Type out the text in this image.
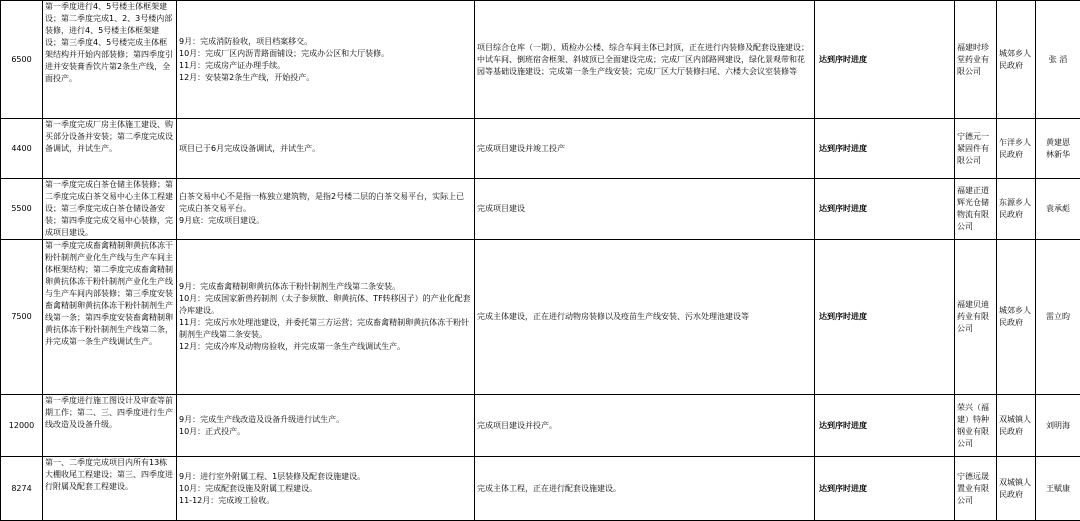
6500	第一季度进行4、5号楼主体框架建设；第二季度完成1、2、3号楼内部装修，进行4、5号楼主体框架建设；第三季度4、5号楼完成主体框架结构并开始内部装修；第四季度引进并安装膏香饮片第2条生产线，全面投产。	9月：完成消防验收，项目档案移交。
10月：完成厂区内沥青路面铺设；完成办公区和大厅装修。
11月：完成房产证办理手续。
12月：安装第2条生产线，开始投产。	项目综合仓库（一期）、质检办公楼、综合车间主体已封顶，正在进行内装修及配套设施建设；中试车间、倒班宿舍框架、斜坡顶已全面建设完成；完成厂区内部路网建设，绿化景观带和花园等基础设施建设；完成第一条生产线安装；完成厂区大厅装修扫尾、六楼大会议室装修等	达到序时进度	福建时珍堂药业有限公司	城郊乡人民政府	张 滔
4400	第一季度完成厂房主体施工建设、购买部分设备并安装；第二季度完成设备调试，并试生产。	项目已于6月完成设备调试，并试生产。	完成项目建设并竣工投产	达到序时进度	宁德元一紧固件有限公司	乍洋乡人民政府	黄建恩
林新华
5500	第一季度完成白茶仓储主体装修；第二季度完成白茶交易中心主体工程建设；第三季度完成白茶仓储设备安装；第四季度完成交易中心装修，完成项目建设。	白茶交易中心不是指一栋独立建筑物，是指2号楼二层的白茶交易平台，实际上已完成白茶交易平台。
9月底：完成项目建设。	完成项目建设	达到序时进度	福建正道辉光仓储物流有限公司	东源乡人民政府	袁承彪
7500	第一季度完成畜禽精制卵黄抗体冻干粉针制剂产业化生产线与生产车间主体框架结构；第二季度完成畜禽精制卵黄抗体冻干粉针制剂产业化生产线与生产车间内部装修；第三季度安装畜禽精制卵黄抗体冻干粉针制剂生产线第一条；第四季度安装畜禽精制卵黄抗体冻干粉针制剂生产线第二条，并完成第一条生产线调试生产。	9月：完成畜禽精制卵黄抗体冻干粉针制剂生产线第二条安装。
10月：完成国家新兽药制剂（太子参须散、卵黄抗体、TF转移因子）的产业化配套冷库建设。
11月：完成污水处理池建设，并委托第三方运营；完成畜禽精制卵黄抗体冻干粉针制剂生产线第二条安装。
12月：完成冷库及动物房验收，并完成第一条生产线调试生产。	完成主体建设，正在进行动物房装修以及疫苗生产线安装、污水处理池建设等	达到序时进度	福建贝迪药业有限公司	城郊乡人民政府	雷立昀
12000	第一季度进行施工图设计及审查等前期工作；第二、三、四季度进行生产线改造及设备升级。	9月：完成生产线改造及设备升级进行试生产。
10月：正式投产。	完成项目建设并投产。	达到序时进度	荣兴（福建）特种钢业有限公司	双城镇人民政府	刘明海
8274	第一、二季度完成项目内所有13栋大棚收尾工程建设；第三、四季度进行附属及配套工程建设。	9月：进行室外附属工程、1层装修及配套设施建设。
10月：完成配套设施及附属工程建设。
11-12月：完成竣工验收。	完成主体工程，正在进行配套设施建设。	达到序时进度	宁德远晟置业有限公司	双城镇人民政府	王赋康
